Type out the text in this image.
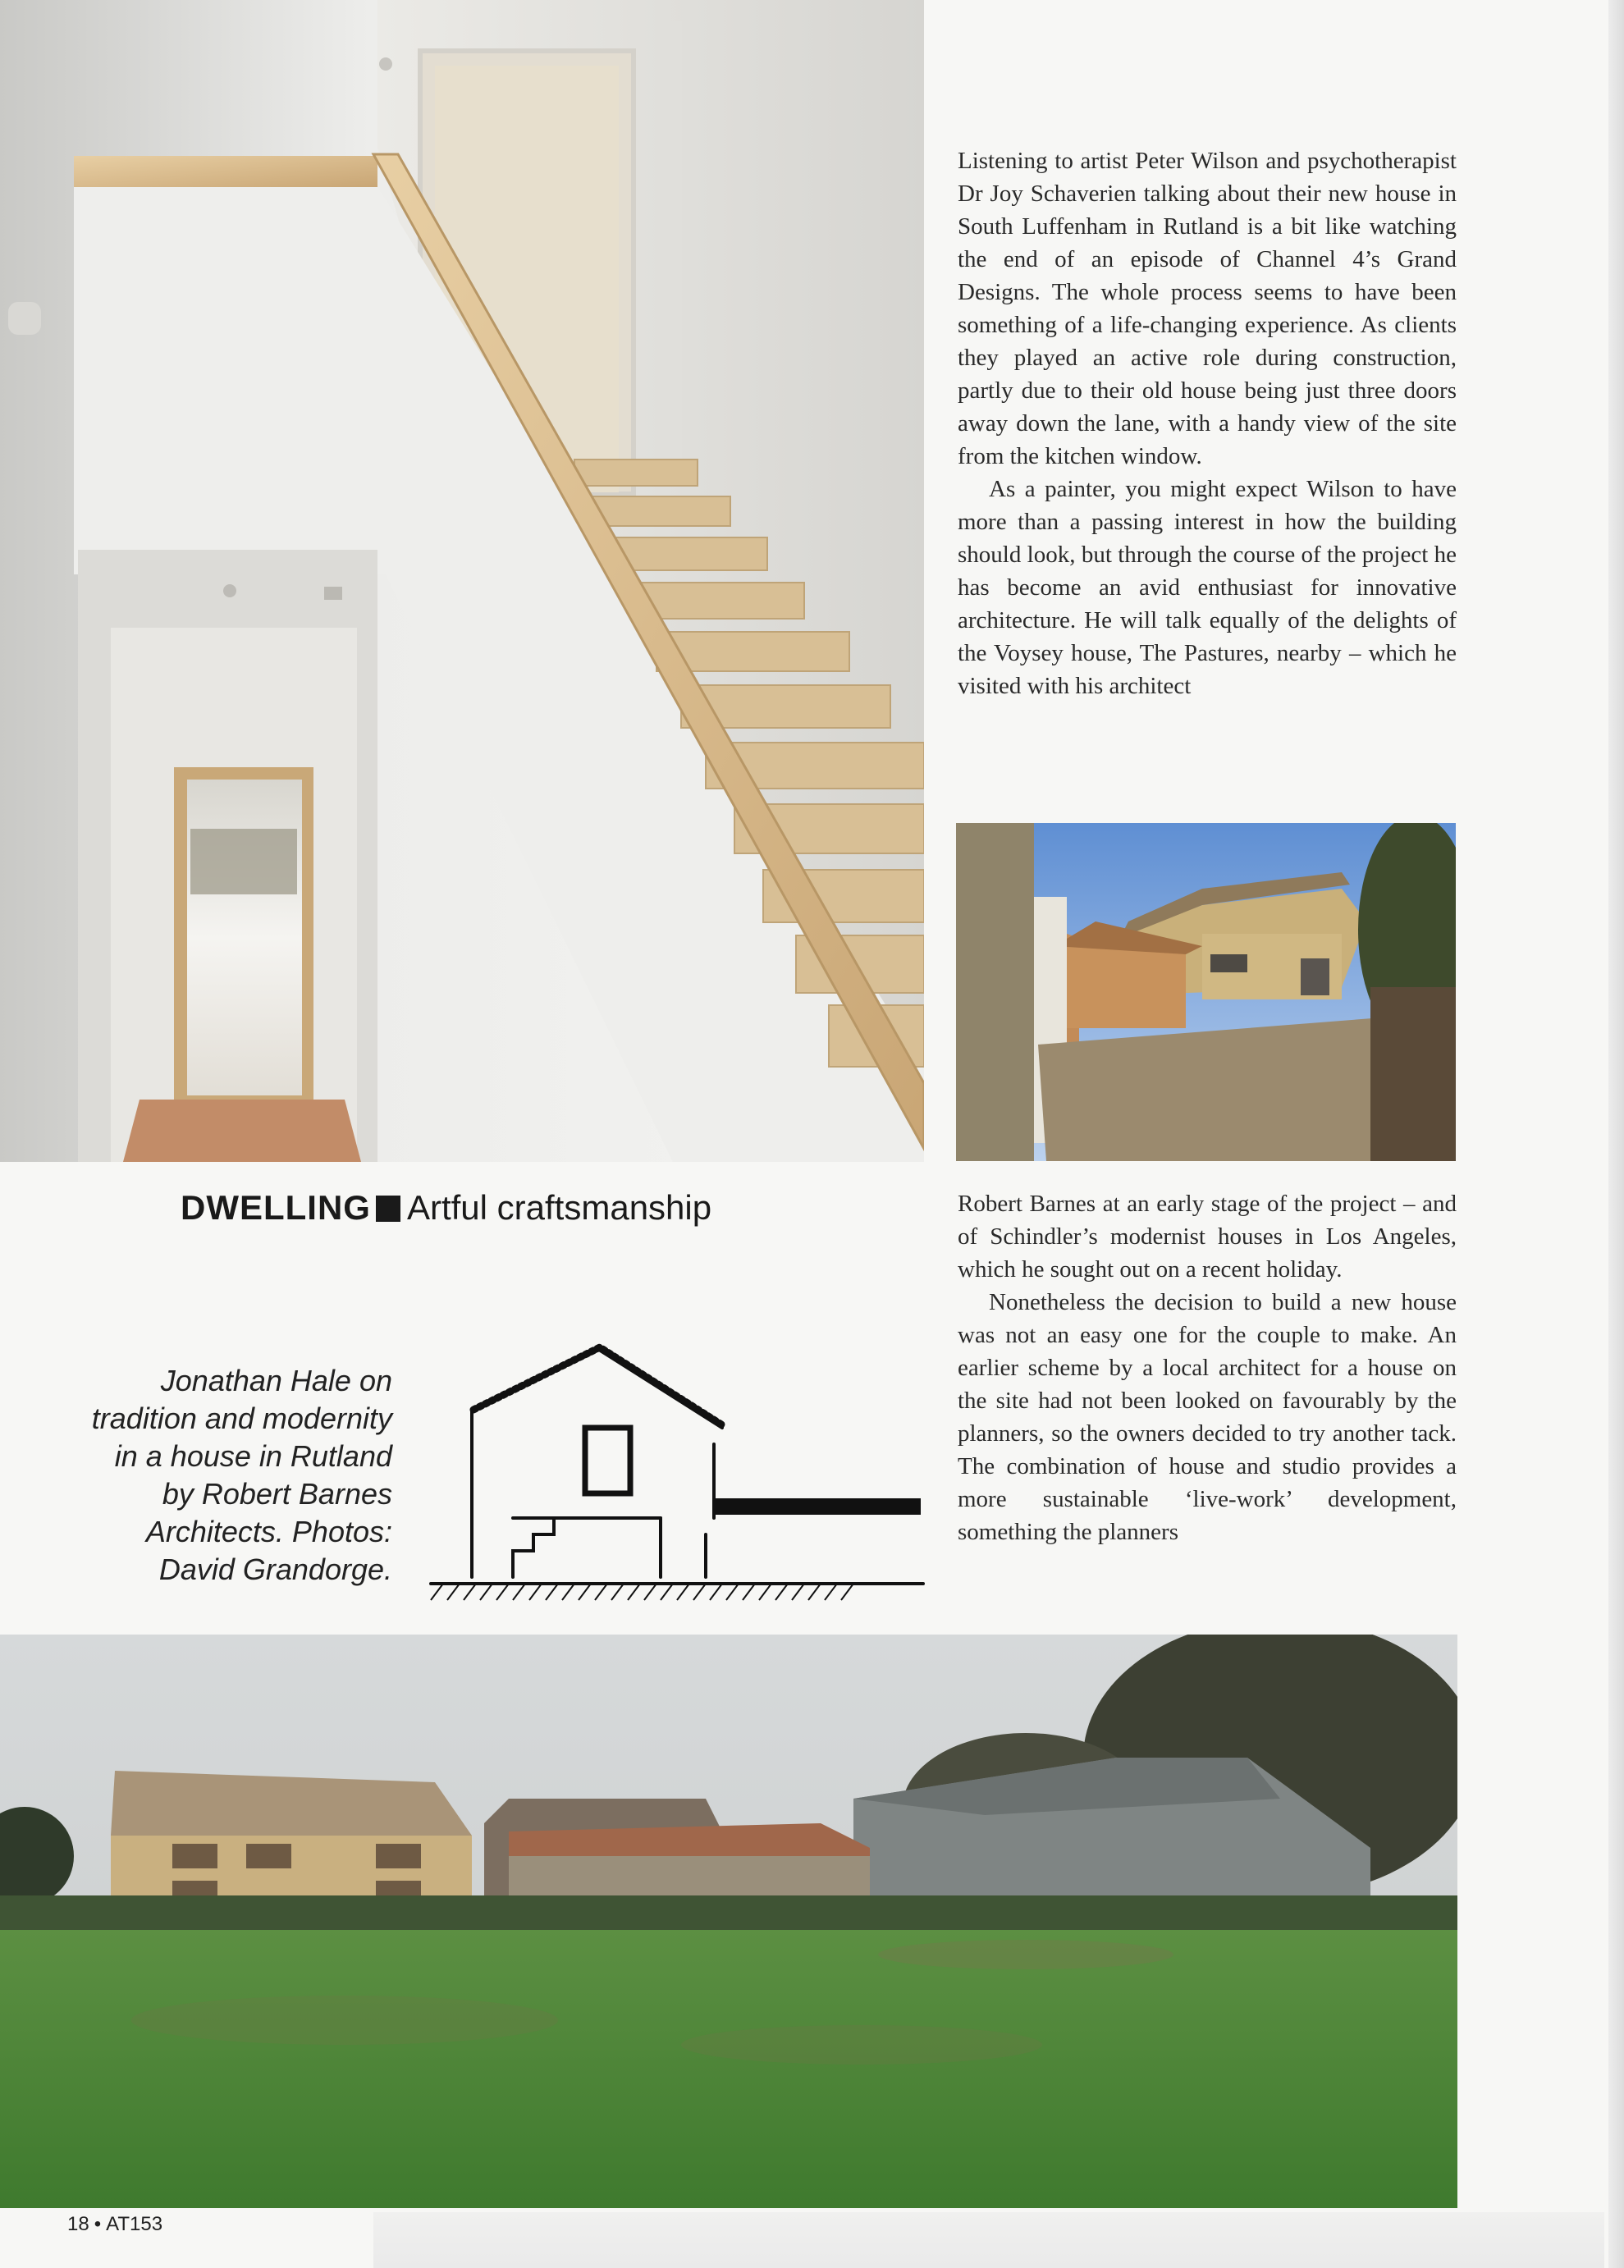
DWELLING Artful craftsmanship
Jonathan Hale on
tradition and modernity
in a house in Rutland
by Robert Barnes
Architects. Photos:
David Grandorge.

Listening to artist Peter Wilson and psychotherapist Dr Joy Schaverien talking about their new house in South Luffenham in Rutland is a bit like watching the end of an episode of Channel 4’s Grand Designs. The whole process seems to have been something of a life-changing experience. As clients they played an active role during construction, partly due to their old house being just three doors away down the lane, with a handy view of the site from the kitchen window.

As a painter, you might expect Wilson to have more than a passing interest in how the building should look, but through the course of the project he has become an avid enthusiast for innovative architecture. He will talk equally of the delights of the Voysey house, The Pastures, nearby – which he visited with his architect

Robert Barnes at an early stage of the project – and of Schindler’s modernist houses in Los Angeles, which he sought out on a recent holiday.

Nonetheless the decision to build a new house was not an easy one for the couple to make. An earlier scheme by a local architect for a house on the site had not been looked on favourably by the planners, so the owners decided to try another tack. The combination of house and studio provides a more sustainable ‘live-work’ development, something the planners

18 • AT153
